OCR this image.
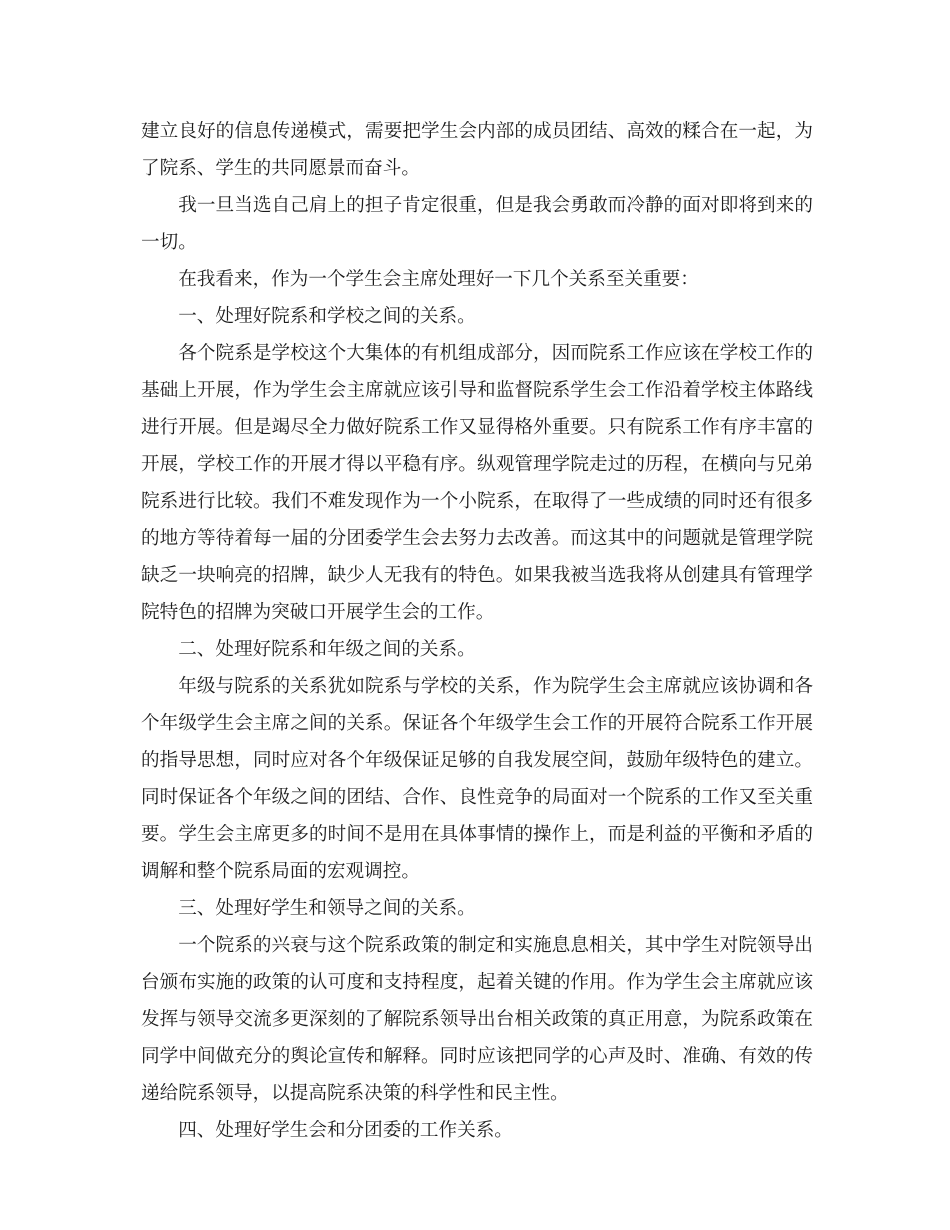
建立良好的信息传递模式，需要把学生会内部的成员团结、高效的糅合在一起，为了院系、学生的共同愿景而奋斗。

我一旦当选自己肩上的担子肯定很重，但是我会勇敢而冷静的面对即将到来的一切。

在我看来，作为一个学生会主席处理好一下几个关系至关重要：

一、处理好院系和学校之间的关系。

各个院系是学校这个大集体的有机组成部分，因而院系工作应该在学校工作的基础上开展，作为学生会主席就应该引导和监督院系学生会工作沿着学校主体路线进行开展。但是竭尽全力做好院系工作又显得格外重要。只有院系工作有序丰富的开展，学校工作的开展才得以平稳有序。纵观管理学院走过的历程，在横向与兄弟院系进行比较。我们不难发现作为一个小院系，在取得了一些成绩的同时还有很多的地方等待着每一届的分团委学生会去努力去改善。而这其中的问题就是管理学院缺乏一块响亮的招牌，缺少人无我有的特色。如果我被当选我将从创建具有管理学院特色的招牌为突破口开展学生会的工作。

二、处理好院系和年级之间的关系。

年级与院系的关系犹如院系与学校的关系，作为院学生会主席就应该协调和各个年级学生会主席之间的关系。保证各个年级学生会工作的开展符合院系工作开展的指导思想，同时应对各个年级保证足够的自我发展空间，鼓励年级特色的建立。同时保证各个年级之间的团结、合作、良性竞争的局面对一个院系的工作又至关重要。学生会主席更多的时间不是用在具体事情的操作上，而是利益的平衡和矛盾的调解和整个院系局面的宏观调控。

三、处理好学生和领导之间的关系。

一个院系的兴衰与这个院系政策的制定和实施息息相关，其中学生对院领导出台颁布实施的政策的认可度和支持程度，起着关键的作用。作为学生会主席就应该发挥与领导交流多更深刻的了解院系领导出台相关政策的真正用意，为院系政策在同学中间做充分的舆论宣传和解释。同时应该把同学的心声及时、准确、有效的传递给院系领导，以提高院系决策的科学性和民主性。

四、处理好学生会和分团委的工作关系。
